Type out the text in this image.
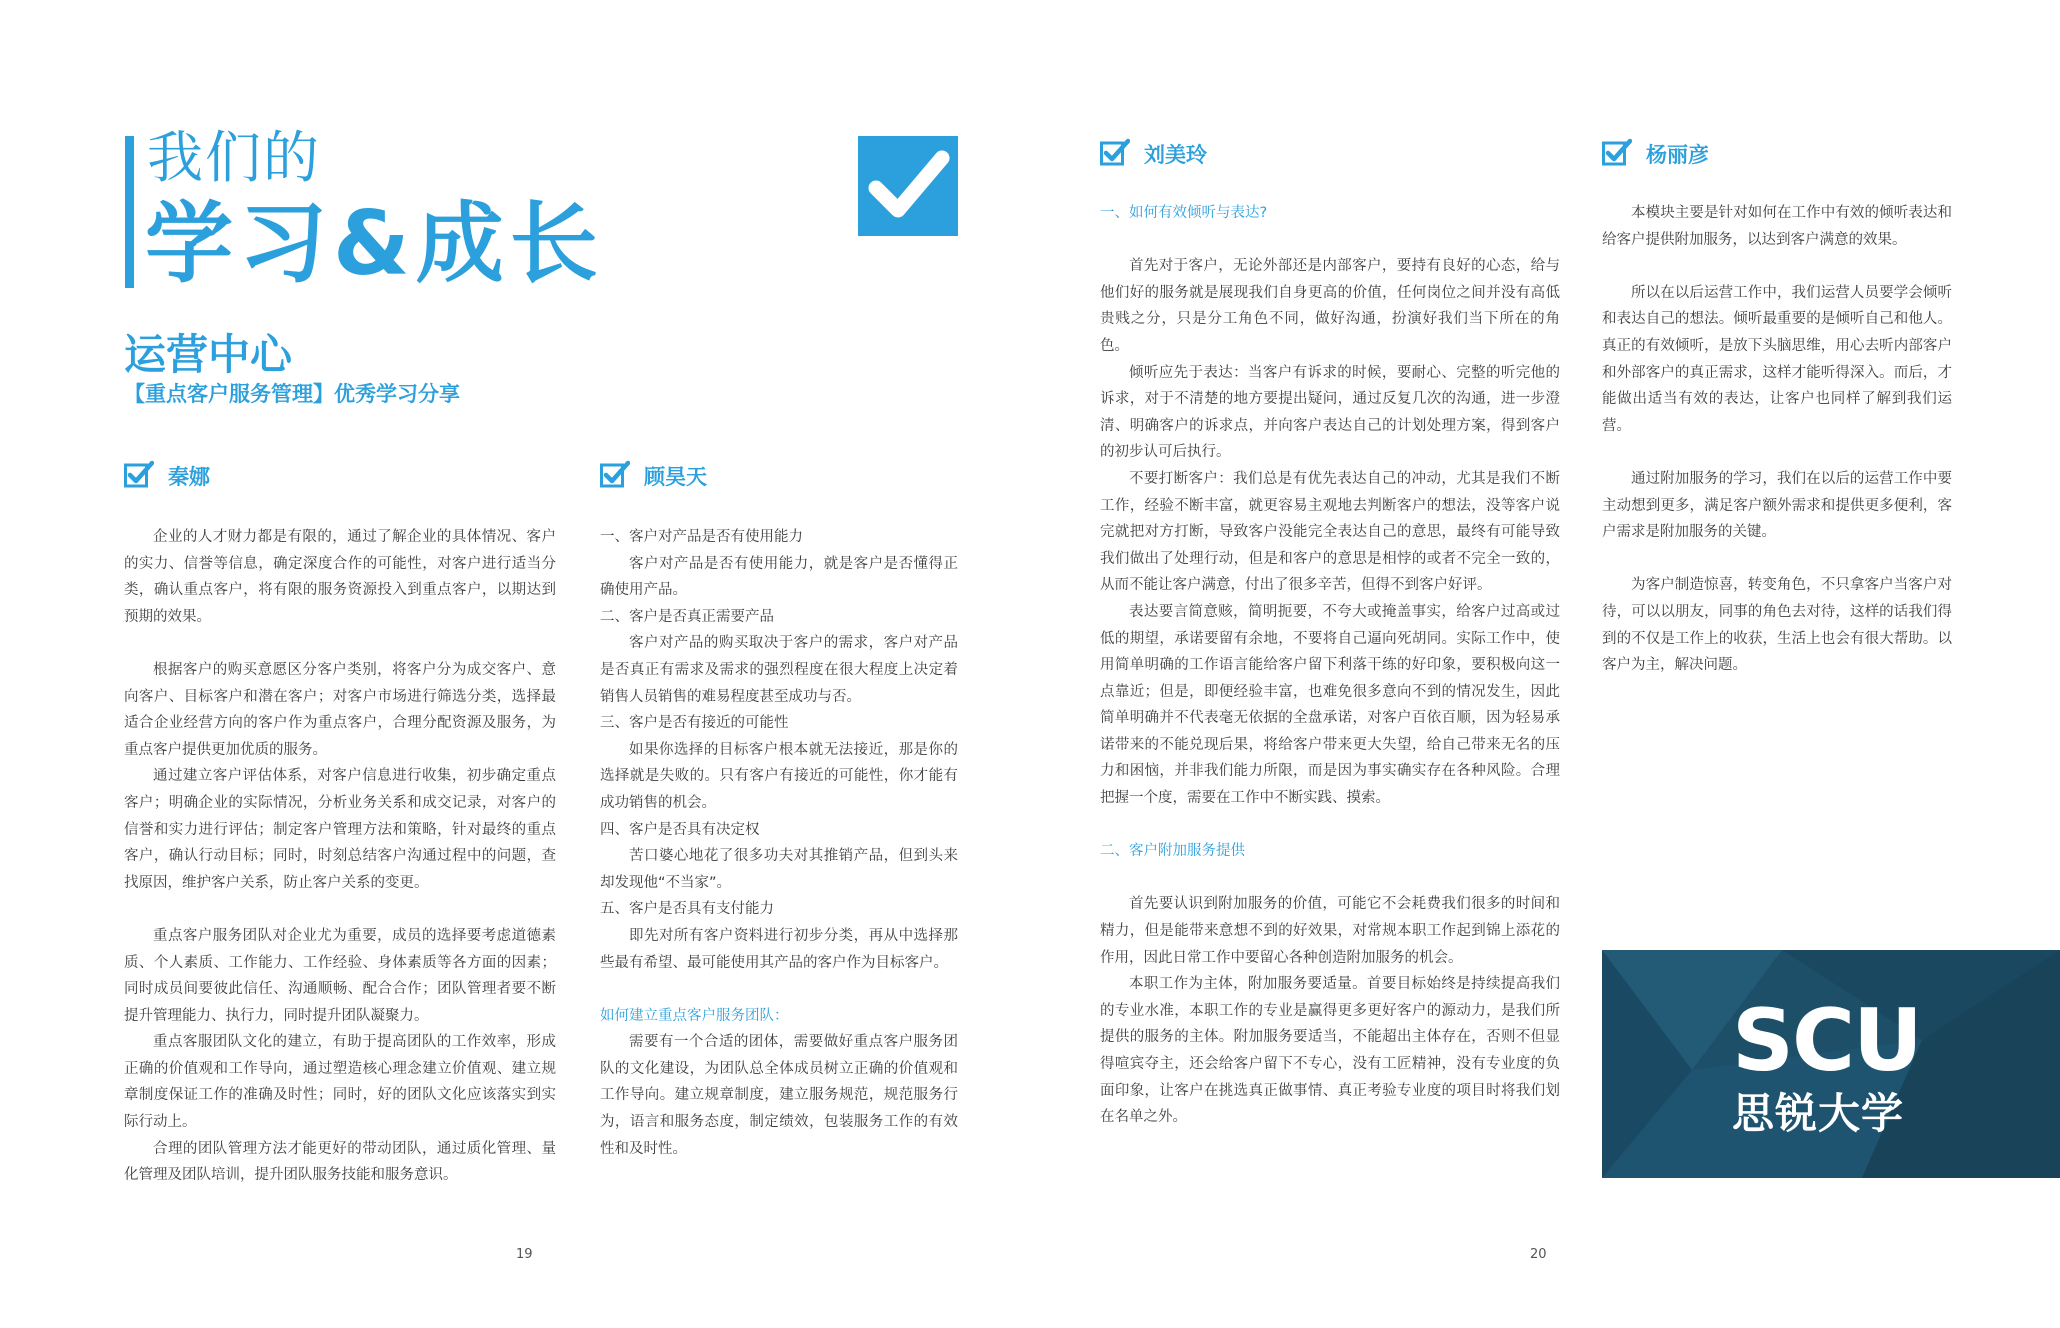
我们的
学习&成长
运营中心
【重点客户服务管理】优秀学习分享
秦娜	顾昊天
刘美玲	杨丽彦

企业的人才财力都是有限的，通过了解企业的具体情况、客户的实力、信誉等信息，确定深度合作的可能性，对客户进行适当分类，确认重点客户，将有限的服务资源投入到重点客户，以期达到预期的效果。

根据客户的购买意愿区分客户类别，将客户分为成交客户、意向客户、目标客户和潜在客户；对客户市场进行筛选分类，选择最适合企业经营方向的客户作为重点客户，合理分配资源及服务，为重点客户提供更加优质的服务。

通过建立客户评估体系，对客户信息进行收集，初步确定重点客户；明确企业的实际情况，分析业务关系和成交记录，对客户的信誉和实力进行评估；制定客户管理方法和策略，针对最终的重点客户，确认行动目标；同时，时刻总结客户沟通过程中的问题，查找原因，维护客户关系，防止客户关系的变更。

重点客户服务团队对企业尤为重要，成员的选择要考虑道德素质、个人素质、工作能力、工作经验、身体素质等各方面的因素；同时成员间要彼此信任、沟通顺畅、配合合作；团队管理者要不断提升管理能力、执行力，同时提升团队凝聚力。

重点客服团队文化的建立，有助于提高团队的工作效率，形成正确的价值观和工作导向，通过塑造核心理念建立价值观、建立规章制度保证工作的准确及时性；同时，好的团队文化应该落实到实际行动上。

合理的团队管理方法才能更好的带动团队，通过质化管理、量化管理及团队培训，提升团队服务技能和服务意识。

一、客户对产品是否有使用能力

客户对产品是否有使用能力，就是客户是否懂得正确使用产品。

二、客户是否真正需要产品

客户对产品的购买取决于客户的需求，客户对产品是否真正有需求及需求的强烈程度在很大程度上决定着销售人员销售的难易程度甚至成功与否。

三、客户是否有接近的可能性

如果你选择的目标客户根本就无法接近，那是你的选择就是失败的。只有客户有接近的可能性，你才能有成功销售的机会。

四、客户是否具有决定权

苦口婆心地花了很多功夫对其推销产品，但到头来却发现他“不当家”。

五、客户是否具有支付能力

即先对所有客户资料进行初步分类，再从中选择那些最有希望、最可能使用其产品的客户作为目标客户。

如何建立重点客户服务团队：

需要有一个合适的团体，需要做好重点客户服务团队的文化建设，为团队总全体成员树立正确的价值观和工作导向。建立规章制度，建立服务规范，规范服务行为，语言和服务态度，制定绩效，包装服务工作的有效性和及时性。

一、如何有效倾听与表达?

首先对于客户，无论外部还是内部客户，要持有良好的心态，给与他们好的服务就是展现我们自身更高的价值，任何岗位之间并没有高低贵贱之分，只是分工角色不同，做好沟通，扮演好我们当下所在的角色。

倾听应先于表达：当客户有诉求的时候，要耐心、完整的听完他的诉求，对于不清楚的地方要提出疑问，通过反复几次的沟通，进一步澄清、明确客户的诉求点，并向客户表达自己的计划处理方案，得到客户的初步认可后执行。

不要打断客户：我们总是有优先表达自己的冲动，尤其是我们不断工作，经验不断丰富，就更容易主观地去判断客户的想法，没等客户说完就把对方打断，导致客户没能完全表达自己的意思，最终有可能导致我们做出了处理行动，但是和客户的意思是相悖的或者不完全一致的，从而不能让客户满意，付出了很多辛苦，但得不到客户好评。

表达要言简意赅，简明扼要，不夸大或掩盖事实，给客户过高或过低的期望，承诺要留有余地，不要将自己逼向死胡同。实际工作中，使用简单明确的工作语言能给客户留下利落干练的好印象，要积极向这一点靠近；但是，即便经验丰富，也难免很多意向不到的情况发生，因此简单明确并不代表毫无依据的全盘承诺，对客户百依百顺，因为轻易承诺带来的不能兑现后果，将给客户带来更大失望，给自己带来无名的压力和困恼，并非我们能力所限，而是因为事实确实存在各种风险。合理把握一个度，需要在工作中不断实践、摸索。

二、客户附加服务提供

首先要认识到附加服务的价值，可能它不会耗费我们很多的时间和精力，但是能带来意想不到的好效果，对常规本职工作起到锦上添花的作用，因此日常工作中要留心各种创造附加服务的机会。

本职工作为主体，附加服务要适量。首要目标始终是持续提高我们的专业水准，本职工作的专业是赢得更多更好客户的源动力，是我们所提供的服务的主体。附加服务要适当，不能超出主体存在，否则不但显得喧宾夺主，还会给客户留下不专心，没有工匠精神，没有专业度的负面印象，让客户在挑选真正做事情、真正考验专业度的项目时将我们划在名单之外。

本模块主要是针对如何在工作中有效的倾听表达和给客户提供附加服务，以达到客户满意的效果。

所以在以后运营工作中，我们运营人员要学会倾听和表达自己的想法。倾听最重要的是倾听自己和他人。真正的有效倾听，是放下头脑思维，用心去听内部客户和外部客户的真正需求，这样才能听得深入。而后，才能做出适当有效的表达，让客户也同样了解到我们运营。

通过附加服务的学习，我们在以后的运营工作中要主动想到更多，满足客户额外需求和提供更多便利，客户需求是附加服务的关键。

为客户制造惊喜，转变角色，不只拿客户当客户对待，可以以朋友，同事的角色去对待，这样的话我们得到的不仅是工作上的收获，生活上也会有很大帮助。以客户为主，解决问题。

SCU
思锐大学
19	20
